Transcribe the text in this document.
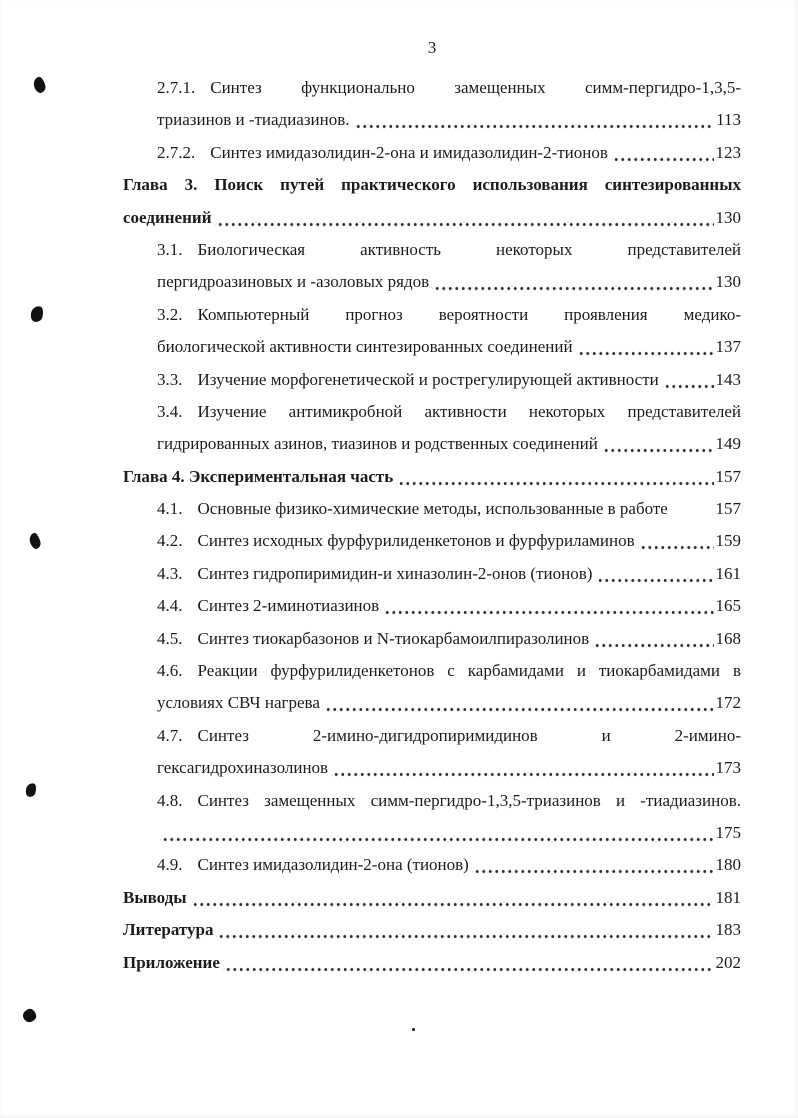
3
2.7.1. Синтез функционально замещенных симм-пергидро-1,3,5-
триазинов и -тиадиазинов.	113
2.7.2. Синтез имидазолидин-2-она и имидазолидин-2-тионов	123
Глава 3. Поиск путей практического использования синтезированных
соединений	130
3.1. Биологическая активность некоторых представителей
пергидроазиновых и -азоловых рядов	130
3.2. Компьютерный прогноз вероятности проявления медико-
биологической активности синтезированных соединений	137
3.3. Изучение морфогенетической и рострегулирующей активности	143
3.4. Изучение антимикробной активности некоторых представителей
гидрированных азинов, тиазинов и родственных соединений	149
Глава 4. Экспериментальная часть	157
4.1. Основные физико-химические методы, использованные в работе	157
4.2. Синтез исходных фурфурилиденкетонов и фурфуриламинов	159
4.3. Синтез гидропиримидин-и хиназолин-2-онов (тионов)	161
4.4. Синтез 2-иминотиазинов	165
4.5. Синтез тиокарбазонов и N-тиокарбамоилпиразолинов	168
4.6. Реакции фурфурилиденкетонов с карбамидами и тиокарбамидами в
условиях СВЧ нагрева	172
4.7. Синтез 2-имино-дигидропиримидинов и 2-имино-
гексагидрохиназолинов	173
4.8. Синтез замещенных симм-пергидро-1,3,5-триазинов и -тиадиазинов.
175
4.9. Синтез имидазолидин-2-она (тионов)	180
Выводы	181
Литература	183
Приложение	202
